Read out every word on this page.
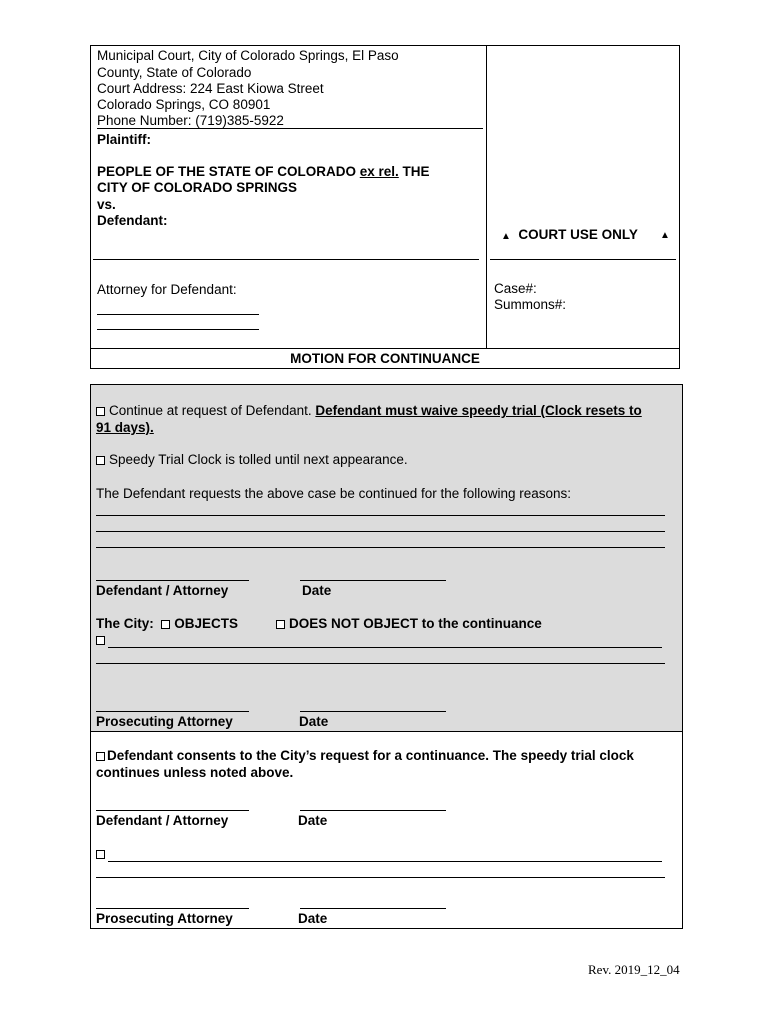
Municipal Court, City of Colorado Springs, El Paso
County, State of Colorado
Court Address: 224 East Kiowa Street
Colorado Springs, CO 80901
Phone Number: (719)385-5922
Plaintiff:
PEOPLE OF THE STATE OF COLORADO ex rel. THE
CITY OF COLORADO SPRINGS
vs.
Defendant:
▲ COURT USE ONLY ▲
Attorney for Defendant:	Case#:
Summons#:
MOTION FOR CONTINUANCE
Continue at request of Defendant. Defendant must waive speedy trial (Clock resets to
91 days).
Speedy Trial Clock is tolled until next appearance.
The Defendant requests the above case be continued for the following reasons:
Defendant / Attorney	Date
The City: OBJECTS	DOES NOT OBJECT to the continuance
Prosecuting Attorney	Date
Defendant consents to the City’s request for a continuance. The speedy trial clock
continues unless noted above.
Defendant / Attorney	Date
Prosecuting Attorney	Date
Rev. 2019_12_04
